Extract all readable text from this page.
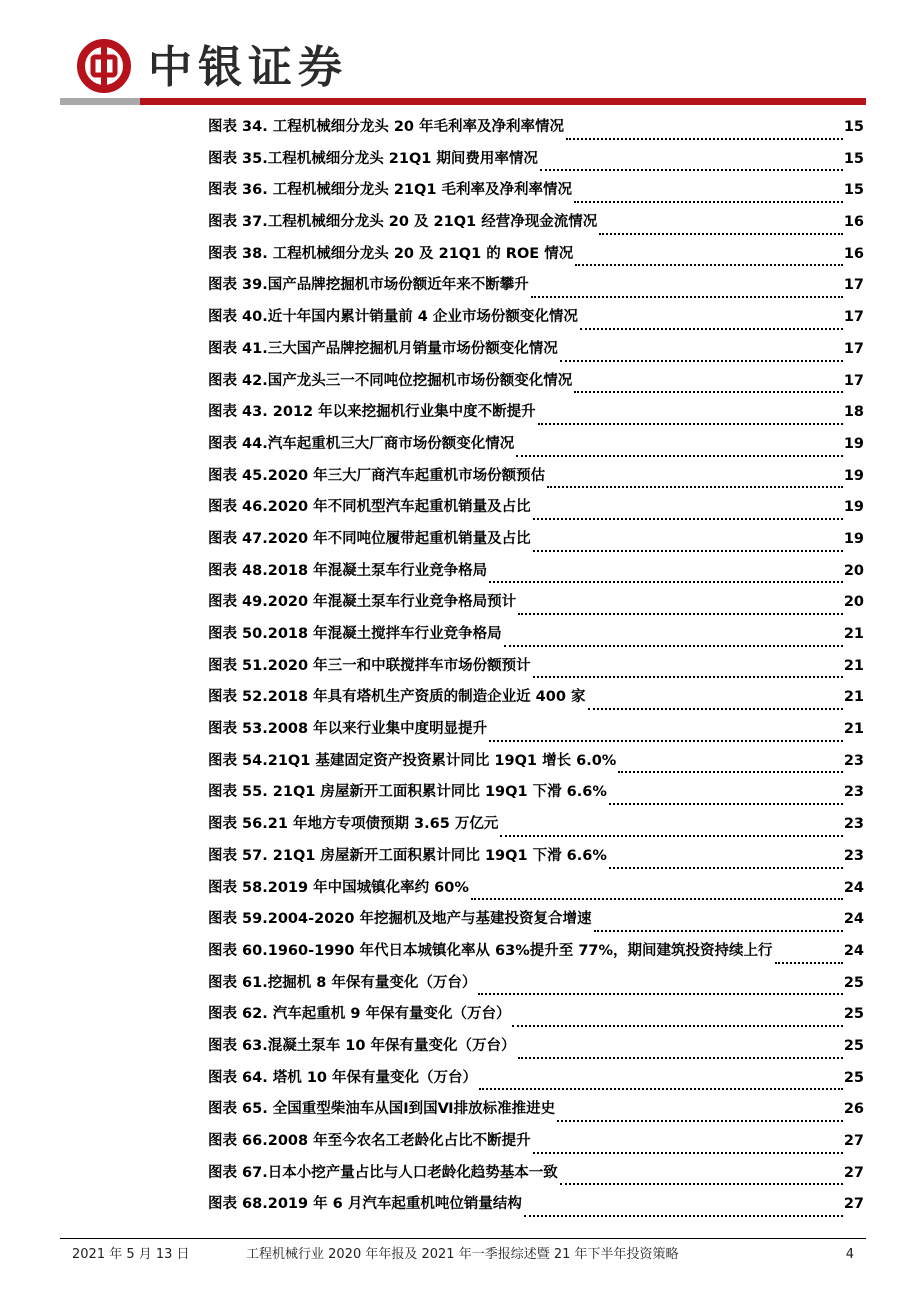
中银证券
图表 34. 工程机械细分龙头 20 年毛利率及净利率情况	15
图表 35.工程机械细分龙头 21Q1 期间费用率情况	15
图表 36. 工程机械细分龙头 21Q1 毛利率及净利率情况	15
图表 37.工程机械细分龙头 20 及 21Q1 经营净现金流情况	16
图表 38. 工程机械细分龙头 20 及 21Q1 的 ROE 情况	16
图表 39.国产品牌挖掘机市场份额近年来不断攀升	17
图表 40.近十年国内累计销量前 4 企业市场份额变化情况	17
图表 41.三大国产品牌挖掘机月销量市场份额变化情况	17
图表 42.国产龙头三一不同吨位挖掘机市场份额变化情况	17
图表 43. 2012 年以来挖掘机行业集中度不断提升	18
图表 44.汽车起重机三大厂商市场份额变化情况	19
图表 45.2020 年三大厂商汽车起重机市场份额预估	19
图表 46.2020 年不同机型汽车起重机销量及占比	19
图表 47.2020 年不同吨位履带起重机销量及占比	19
图表 48.2018 年混凝土泵车行业竞争格局	20
图表 49.2020 年混凝土泵车行业竞争格局预计	20
图表 50.2018 年混凝土搅拌车行业竞争格局	21
图表 51.2020 年三一和中联搅拌车市场份额预计	21
图表 52.2018 年具有塔机生产资质的制造企业近 400 家	21
图表 53.2008 年以来行业集中度明显提升	21
图表 54.21Q1 基建固定资产投资累计同比 19Q1 增长 6.0%	23
图表 55. 21Q1 房屋新开工面积累计同比 19Q1 下滑 6.6%	23
图表 56.21 年地方专项债预期 3.65 万亿元	23
图表 57. 21Q1 房屋新开工面积累计同比 19Q1 下滑 6.6%	23
图表 58.2019 年中国城镇化率约 60%	24
图表 59.2004-2020 年挖掘机及地产与基建投资复合增速	24
图表 60.1960-1990 年代日本城镇化率从 63%提升至 77%，期间建筑投资持续上行	24
图表 61.挖掘机 8 年保有量变化（万台）	25
图表 62. 汽车起重机 9 年保有量变化（万台）	25
图表 63.混凝土泵车 10 年保有量变化（万台）	25
图表 64. 塔机 10 年保有量变化（万台）	25
图表 65. 全国重型柴油车从国Ⅰ到国Ⅵ排放标准推进史	26
图表 66.2008 年至今农名工老龄化占比不断提升	27
图表 67.日本小挖产量占比与人口老龄化趋势基本一致	27
图表 68.2019 年 6 月汽车起重机吨位销量结构	27
2021 年 5 月 13 日	工程机械行业 2020 年年报及 2021 年一季报综述暨 21 年下半年投资策略	4
